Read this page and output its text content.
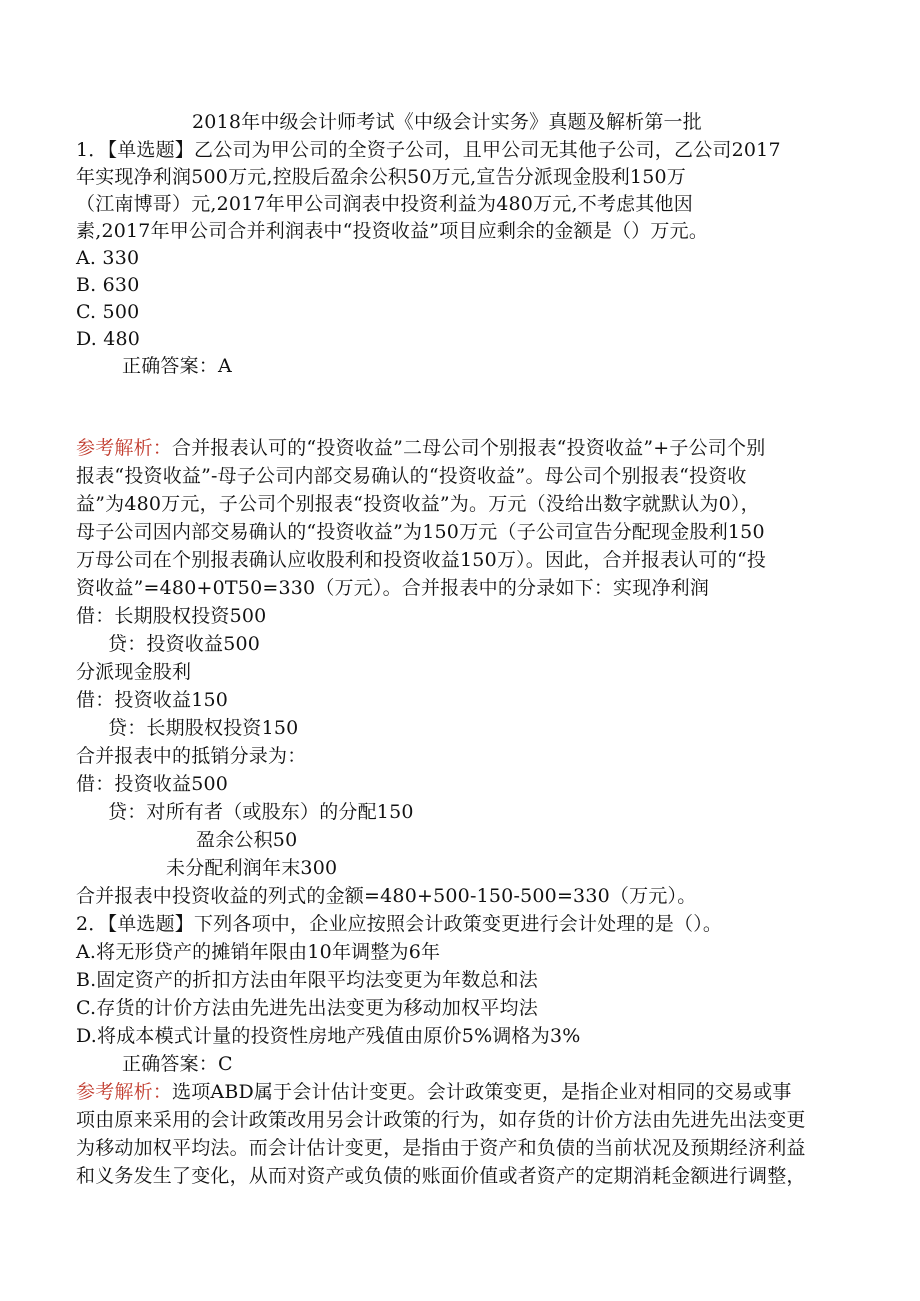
2018年中级会计师考试《中级会计实务》真题及解析第一批
1．【单选题】乙公司为甲公司的全资子公司，且甲公司无其他子公司，乙公司2017
年实现净利润500万元,控股后盈余公积50万元,宣告分派现金股利150万
（江南博哥）元,2017年甲公司润表中投资利益为480万元,不考虑其他因
素,2017年甲公司合并利润表中“投资收益”项目应剩余的金额是（）万元。
A. 330
B. 630
C. 500
D. 480
正确答案：A
参考解析：合并报表认可的“投资收益”二母公司个别报表“投资收益”+子公司个别
报表“投资收益”-母子公司内部交易确认的“投资收益”。母公司个别报表“投资收
益”为480万元，子公司个别报表“投资收益”为。万元（没给出数字就默认为0），
母子公司因内部交易确认的“投资收益”为150万元（子公司宣告分配现金股利150
万母公司在个别报表确认应收股利和投资收益150万）。因此，合并报表认可的“投
资收益”=480+0T50=330（万元）。合并报表中的分录如下：实现净利润
借：长期股权投资500
贷：投资收益500
分派现金股利
借：投资收益150
贷：长期股权投资150
合并报表中的抵销分录为：
借：投资收益500
贷：对所有者（或股东）的分配150
盈余公积50
未分配利润年末300
合并报表中投资收益的列式的金额=480+500-150-500=330（万元）。
2．【单选题】下列各项中，企业应按照会计政策变更进行会计处理的是（）。
A.将无形贷产的摊销年限由10年调整为6年
B.固定资产的折扣方法由年限平均法变更为年数总和法
C.存货的计价方法由先进先出法变更为移动加权平均法
D.将成本模式计量的投资性房地产残值由原价5%调格为3%
正确答案：C
参考解析：选项ABD属于会计估计变更。会计政策变更，是指企业对相同的交易或事
项由原来采用的会计政策改用另会计政策的行为，如存货的计价方法由先进先出法变更
为移动加权平均法。而会计估计变更，是指由于资产和负债的当前状况及预期经济利益
和义务发生了变化，从而对资产或负债的账面价值或者资产的定期消耗金额进行调整，
